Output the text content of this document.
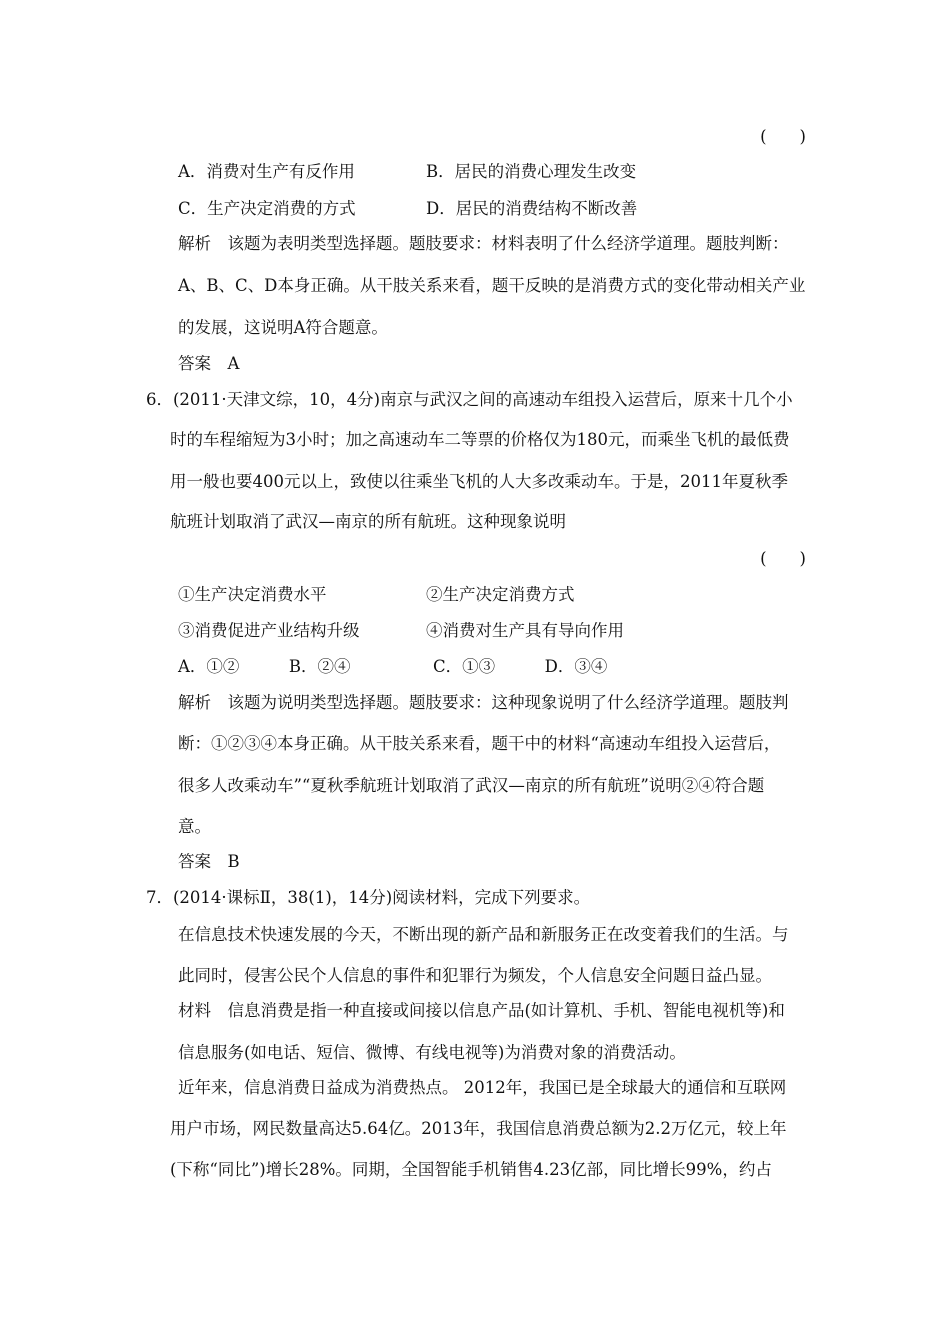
(　　)
A．消费对生产有反作用	B．居民的消费心理发生改变
C．生产决定消费的方式	D．居民的消费结构不断改善
解析　该题为表明类型选择题。题肢要求：材料表明了什么经济学道理。题肢判断：
A、B、C、D本身正确。从干肢关系来看，题干反映的是消费方式的变化带动相关产业
的发展，这说明A符合题意。
答案　A
6．(2011·天津文综，10，4分)南京与武汉之间的高速动车组投入运营后，原来十几个小
时的车程缩短为3小时；加之高速动车二等票的价格仅为180元，而乘坐飞机的最低费
用一般也要400元以上，致使以往乘坐飞机的人大多改乘动车。于是，2011年夏秋季
航班计划取消了武汉—南京的所有航班。这种现象说明
(　　)
①生产决定消费水平	②生产决定消费方式
③消费促进产业结构升级	④消费对生产具有导向作用
A．①②　　　B．②④　　　　　C．①③　　　D．③④
解析　该题为说明类型选择题。题肢要求：这种现象说明了什么经济学道理。题肢判
断：①②③④本身正确。从干肢关系来看，题干中的材料“高速动车组投入运营后，
很多人改乘动车”“夏秋季航班计划取消了武汉—南京的所有航班”说明②④符合题
意。
答案　B
7．(2014·课标Ⅱ，38(1)，14分)阅读材料，完成下列要求。
在信息技术快速发展的今天，不断出现的新产品和新服务正在改变着我们的生活。与
此同时，侵害公民个人信息的事件和犯罪行为频发，个人信息安全问题日益凸显。
材料　信息消费是指一种直接或间接以信息产品(如计算机、手机、智能电视机等)和
信息服务(如电话、短信、微博、有线电视等)为消费对象的消费活动。
近年来，信息消费日益成为消费热点。 2012年，我国已是全球最大的通信和互联网
用户市场，网民数量高达5.64亿。2013年，我国信息消费总额为2.2万亿元，较上年
(下称“同比”)增长28%。同期，全国智能手机销售4.23亿部，同比增长99%，约占
